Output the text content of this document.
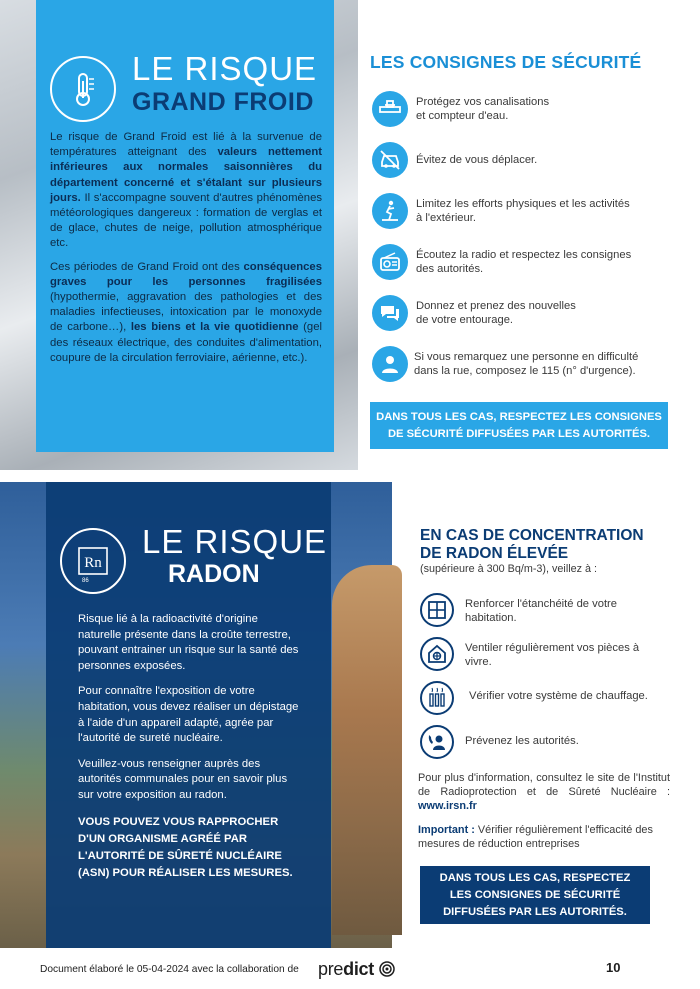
LE RISQUE
GRAND FROID

Le risque de Grand Froid est lié à la survenue de températures atteignant des valeurs nettement inférieures aux normales saisonnières du département concerné et s'étalant sur plusieurs jours. Il s'accompagne souvent d'autres phénomènes météorologiques dangereux : formation de verglas et de glace, chutes de neige, pollution atmosphérique etc.

Ces périodes de Grand Froid ont des conséquences graves pour les personnes fragilisées (hypothermie, aggravation des pathologies et des maladies infectieuses, intoxication par le monoxyde de carbone…), les biens et la vie quotidienne (gel des réseaux électrique, des conduites d'alimentation, coupure de la circulation ferroviaire, aérienne, etc.).

LES CONSIGNES DE SÉCURITÉ
Protégez vos canalisations
et compteur d'eau.
Évitez de vous déplacer.
Limitez les efforts physiques et les activités
à l'extérieur.
Écoutez la radio et respectez les consignes
des autorités.
Donnez et prenez des nouvelles
de votre entourage.
Si vous remarquez une personne en difficulté
dans la rue, composez le 115 (n° d'urgence).
DANS TOUS LES CAS, RESPECTEZ LES CONSIGNES
DE SÉCURITÉ DIFFUSÉES PAR LES AUTORITÉS.
Rn
86
LE RISQUE
RADON

Risque lié à la radioactivité d'origine naturelle présente dans la croûte terrestre, pouvant entrainer un risque sur la santé des personnes exposées.

Pour connaître l'exposition de votre habitation, vous devez réaliser un dépistage à l'aide d'un appareil adapté, agrée par l'autorité de sureté nucléaire.

Veuillez-vous renseigner auprès des autorités communales pour en savoir plus sur votre exposition au radon.

VOUS POUVEZ VOUS RAPPROCHER D'UN ORGANISME AGRÉÉ PAR L'AUTORITÉ DE SÛRETÉ NUCLÉAIRE (ASN) POUR RÉALISER LES MESURES.

EN CAS DE CONCENTRATION
DE RADON ÉLEVÉE
(supérieure à 300 Bq/m-3), veillez à :
Renforcer l'étanchéité de votre
habitation.
Ventiler régulièrement vos pièces à
vivre.
Vérifier votre système de chauffage.
Prévenez les autorités.
Pour plus d'information, consultez le site de l'Institut de Radioprotection et de Sûreté Nucléaire : www.irsn.fr
Important : Vérifier régulièrement l'efficacité des mesures de réduction entreprises
DANS TOUS LES CAS, RESPECTEZ
LES CONSIGNES DE SÉCURITÉ
DIFFUSÉES PAR LES AUTORITÉS.
Document élaboré le 05-04-2024 avec la collaboration de predict	10
